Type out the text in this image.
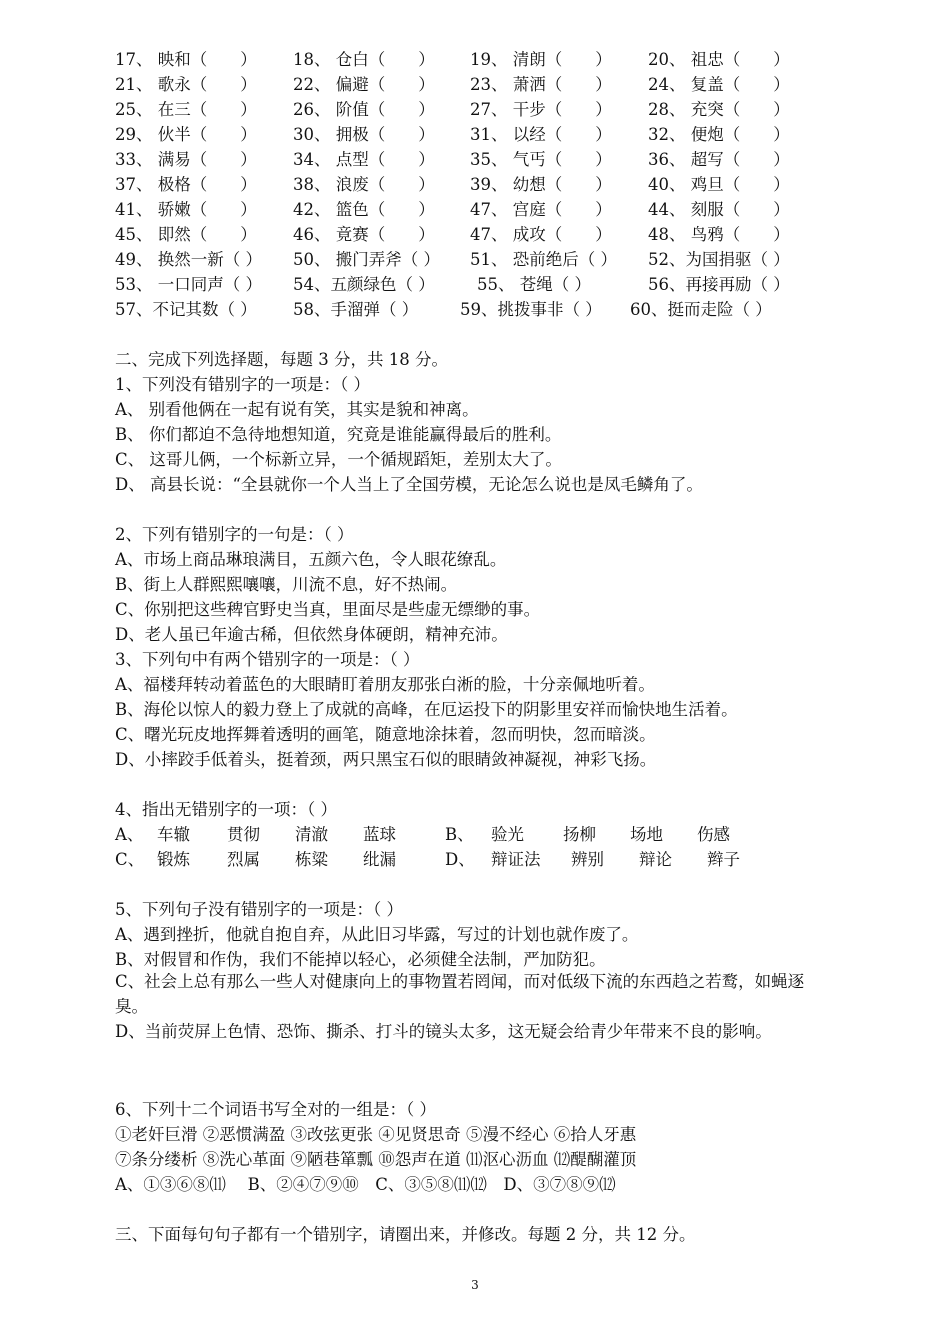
17、 映和（　　） 18、 仓白（　　） 19、 清朗（　　） 20、 祖忠（　　）
21、 歌永（　　） 22、 偏避（　　） 23、 萧洒（　　） 24、 复盖（　　）
25、 在三（　　） 26、 阶值（　　） 27、 干步（　　） 28、 充突（　　）
29、 伙半（　　） 30、 拥极（　　） 31、 以经（　　） 32、 便炮（　　）
33、 满易（　　） 34、 点型（　　） 35、 气丐（　　） 36、 超写（　　）
37、 极格（　　） 38、 浪废（　　） 39、 幼想（　　） 40、 鸡旦（　　）
41、 骄嫩（　　） 42、 篮色（　　） 47、 宫庭（　　） 44、 刻服（　　）
45、 即然（　　） 46、 竟赛（　　） 47、 成攻（　　） 48、 鸟鸦（　　）
49、 换然一新（ ） 50、 搬门弄斧（ ） 51、 恐前绝后（ ） 52、为国捐驱（ ）
53、 一口同声（ ） 54、五颜绿色（ ）	55、 苍绳（ ）	56、再接再励（ ）
57、不记其数（ ） 58、手溜弹（ ）	59、挑拨事非（ ） 60、挺而走险（ ）
二、完成下列选择题，每题 3 分，共 18 分。
1、下列没有错别字的一项是：（ ）
A、 别看他俩在一起有说有笑，其实是貌和神离。
B、 你们都迫不急待地想知道，究竟是谁能赢得最后的胜利。
C、 这哥儿俩，一个标新立异，一个循规蹈矩，差别太大了。
D、 高县长说：“全县就你一个人当上了全国劳模，无论怎么说也是凤毛鳞角了。
2、下列有错别字的一句是：（ ）
A、市场上商品琳琅满目，五颜六色，令人眼花缭乱。
B、街上人群熙熙嚷嚷，川流不息，好不热闹。
C、你别把这些稗官野史当真，里面尽是些虚无缥缈的事。
D、老人虽已年逾古稀，但依然身体硬朗，精神充沛。
3、下列句中有两个错别字的一项是：（ ）
A、福楼拜转动着蓝色的大眼睛盯着朋友那张白淅的脸，十分亲佩地听着。
B、海伦以惊人的毅力登上了成就的高峰，在厄运投下的阴影里安祥而愉快地生活着。
C、曙光玩皮地挥舞着透明的画笔，随意地涂抹着，忽而明快，忽而暗淡。
D、小摔跤手低着头，挺着颈，两只黑宝石似的眼睛敛神凝视，神彩飞扬。
4、指出无错别字的一项：（ ）
A、 车辙 贯彻 清澈 蓝球	B、 验光 扬柳 场地 伤感
C、 锻炼 烈属 栋粱 纰漏	D、 辩证法 辨别 辩论 辫子
5、下列句子没有错别字的一项是：（ ）
A、遇到挫折，他就自抱自弃，从此旧习毕露，写过的计划也就作废了。
B、对假冒和作伪，我们不能掉以轻心，必须健全法制，严加防犯。
C、社会上总有那么一些人对健康向上的事物置若罔闻，而对低级下流的东西趋之若鹜，如蝇逐臭。
D、当前荧屏上色情、恐饰、撕杀、打斗的镜头太多，这无疑会给青少年带来不良的影响。
6、下列十二个词语书写全对的一组是：（ ）
①老奸巨滑 ②恶惯满盈 ③改弦更张 ④见贤思奇 ⑤漫不经心 ⑥拾人牙惠
⑦条分缕析 ⑧洗心革面 ⑨陋巷箪瓢 ⑩怨声在道 ⑾沤心沥血 ⑿醍醐灌顶
A、①③⑥⑧⑾　 B、②④⑦⑨⑩　C、③⑤⑧⑾⑿　D、③⑦⑧⑨⑿
三、下面每句句子都有一个错别字，请圈出来，并修改。每题 2 分，共 12 分。
3
